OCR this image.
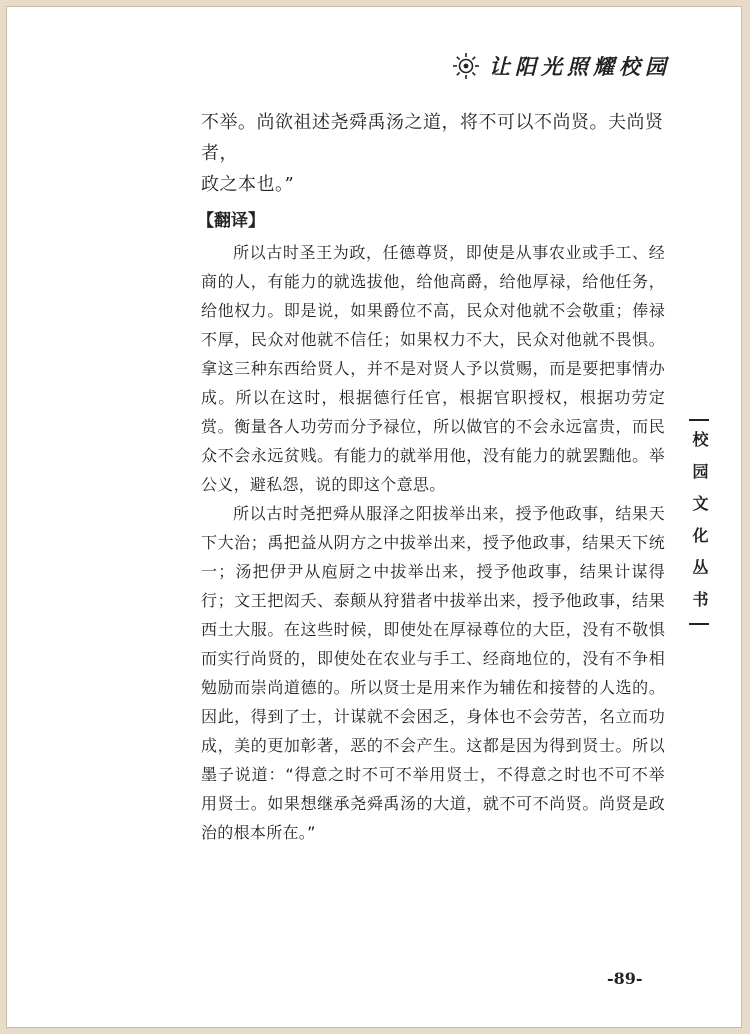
让阳光照耀校园

不举。尚欲祖述尧舜禹汤之道，将不可以不尚贤。夫尚贤者，

政之本也。”

【翻译】

所以古时圣王为政，任德尊贤，即使是从事农业或手工、经商的人，有能力的就选拔他，给他高爵，给他厚禄，给他任务，给他权力。即是说，如果爵位不高，民众对他就不会敬重；俸禄不厚，民众对他就不信任；如果权力不大，民众对他就不畏惧。拿这三种东西给贤人，并不是对贤人予以赏赐，而是要把事情办成。所以在这时，根据德行任官，根据官职授权，根据功劳定赏。衡量各人功劳而分予禄位，所以做官的不会永远富贵，而民众不会永远贫贱。有能力的就举用他，没有能力的就罢黜他。举公义，避私怨，说的即这个意思。

所以古时尧把舜从服泽之阳拔举出来，授予他政事，结果天下大治；禹把益从阴方之中拔举出来，授予他政事，结果天下统一；汤把伊尹从庖厨之中拔举出来，授予他政事，结果计谋得行；文王把闳夭、泰颠从狩猎者中拔举出来，授予他政事，结果西土大服。在这些时候，即使处在厚禄尊位的大臣，没有不敬惧而实行尚贤的，即使处在农业与手工、经商地位的，没有不争相勉励而崇尚道德的。所以贤士是用来作为辅佐和接替的人选的。因此，得到了士，计谋就不会困乏，身体也不会劳苦，名立而功成，美的更加彰著，恶的不会产生。这都是因为得到贤士。所以墨子说道：“得意之时不可不举用贤士，不得意之时也不可不举用贤士。如果想继承尧舜禹汤的大道，就不可不尚贤。尚贤是政治的根本所在。”

校园文化丛书
-89-
